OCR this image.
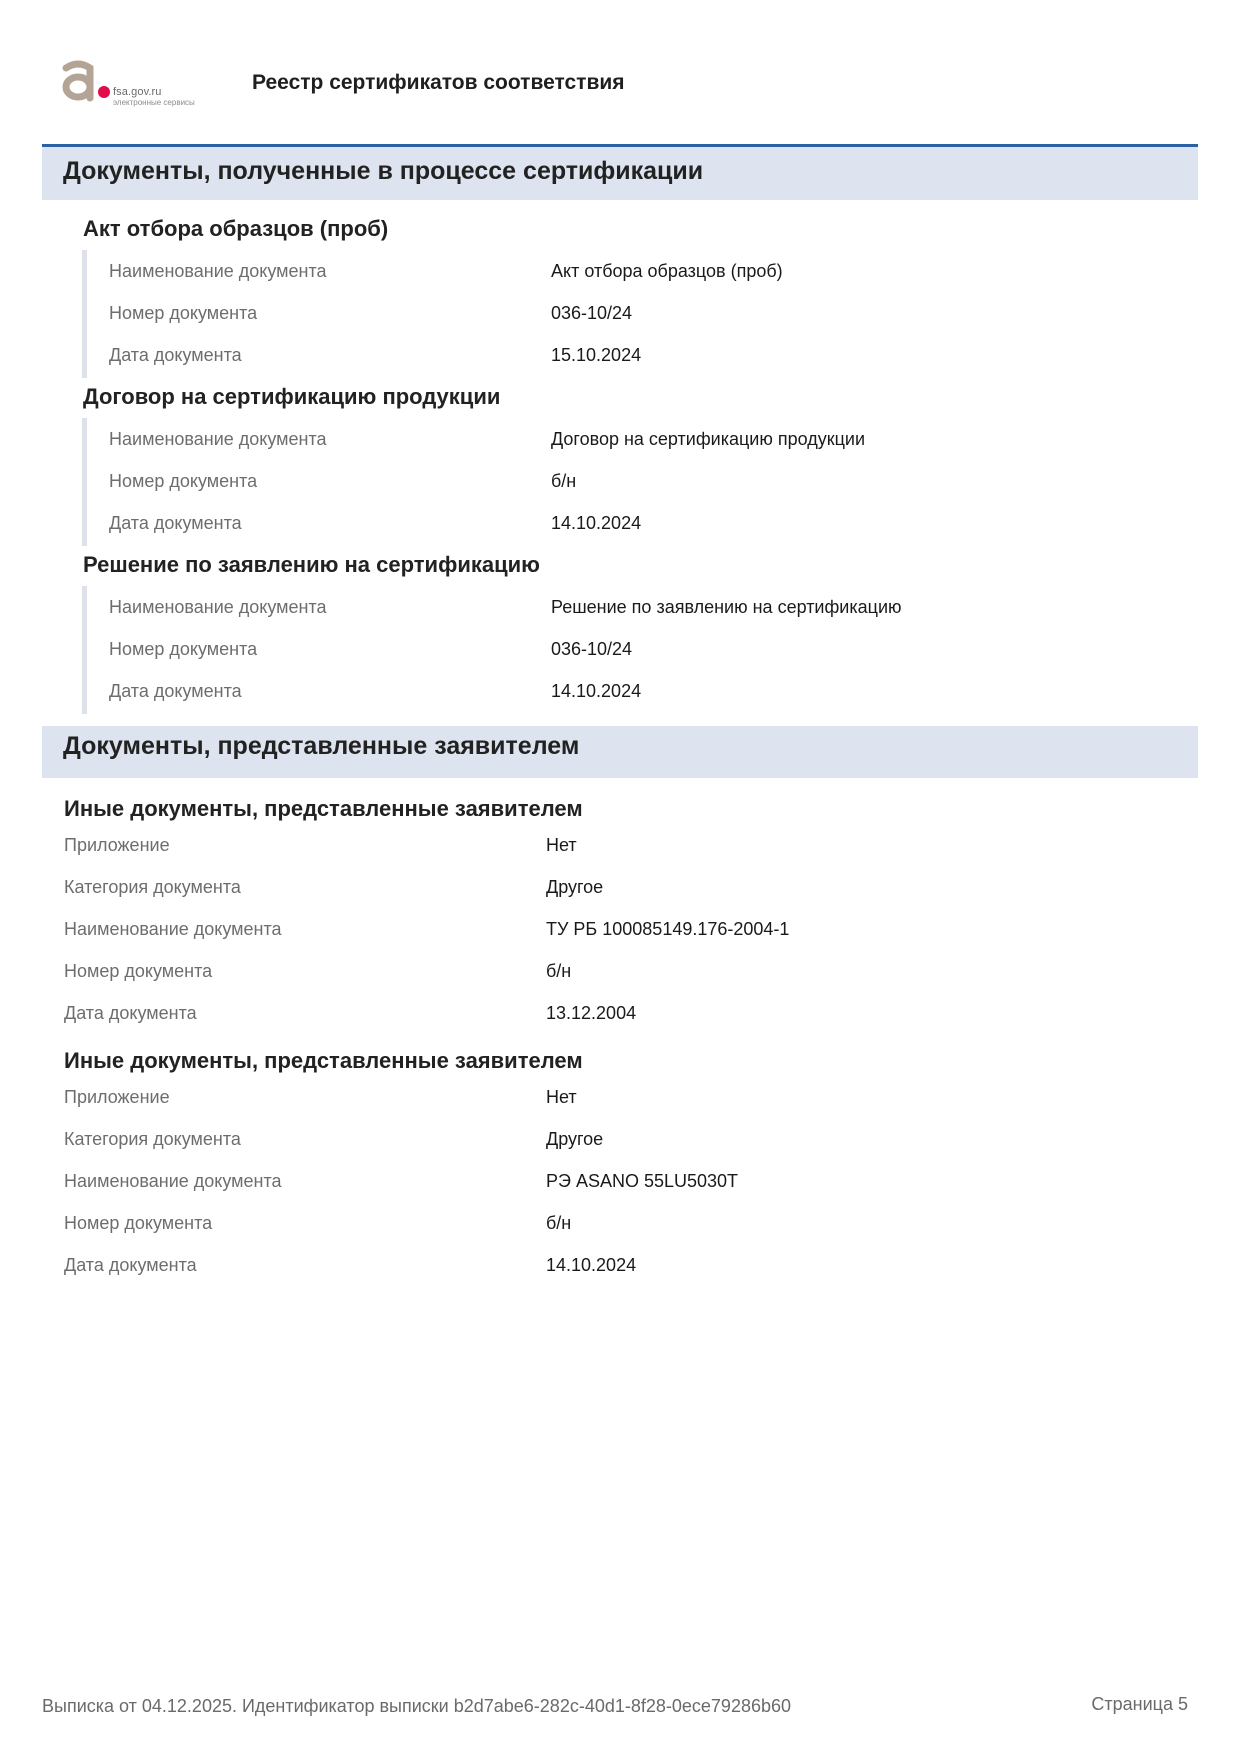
fsa.gov.ru
электронные сервисы
Реестр сертификатов соответствия
Документы, полученные в процессе сертификации
Акт отбора образцов (проб)
Наименование документа	Акт отбора образцов (проб)
Номер документа	036-10/24
Дата документа	15.10.2024
Договор на сертификацию продукции
Наименование документа	Договор на сертификацию продукции
Номер документа	б/н
Дата документа	14.10.2024
Решение по заявлению на сертификацию
Наименование документа	Решение по заявлению на сертификацию
Номер документа	036-10/24
Дата документа	14.10.2024
Документы, представленные заявителем
Иные документы, представленные заявителем
Приложение	Нет
Категория документа	Другое
Наименование документа	ТУ РБ 100085149.176-2004-1
Номер документа	б/н
Дата документа	13.12.2004
Иные документы, представленные заявителем
Приложение	Нет
Категория документа	Другое
Наименование документа	РЭ ASANO 55LU5030T
Номер документа	б/н
Дата документа	14.10.2024
Выписка от 04.12.2025. Идентификатор выписки b2d7abe6-282c-40d1-8f28-0ece79286b60	Страница 5
